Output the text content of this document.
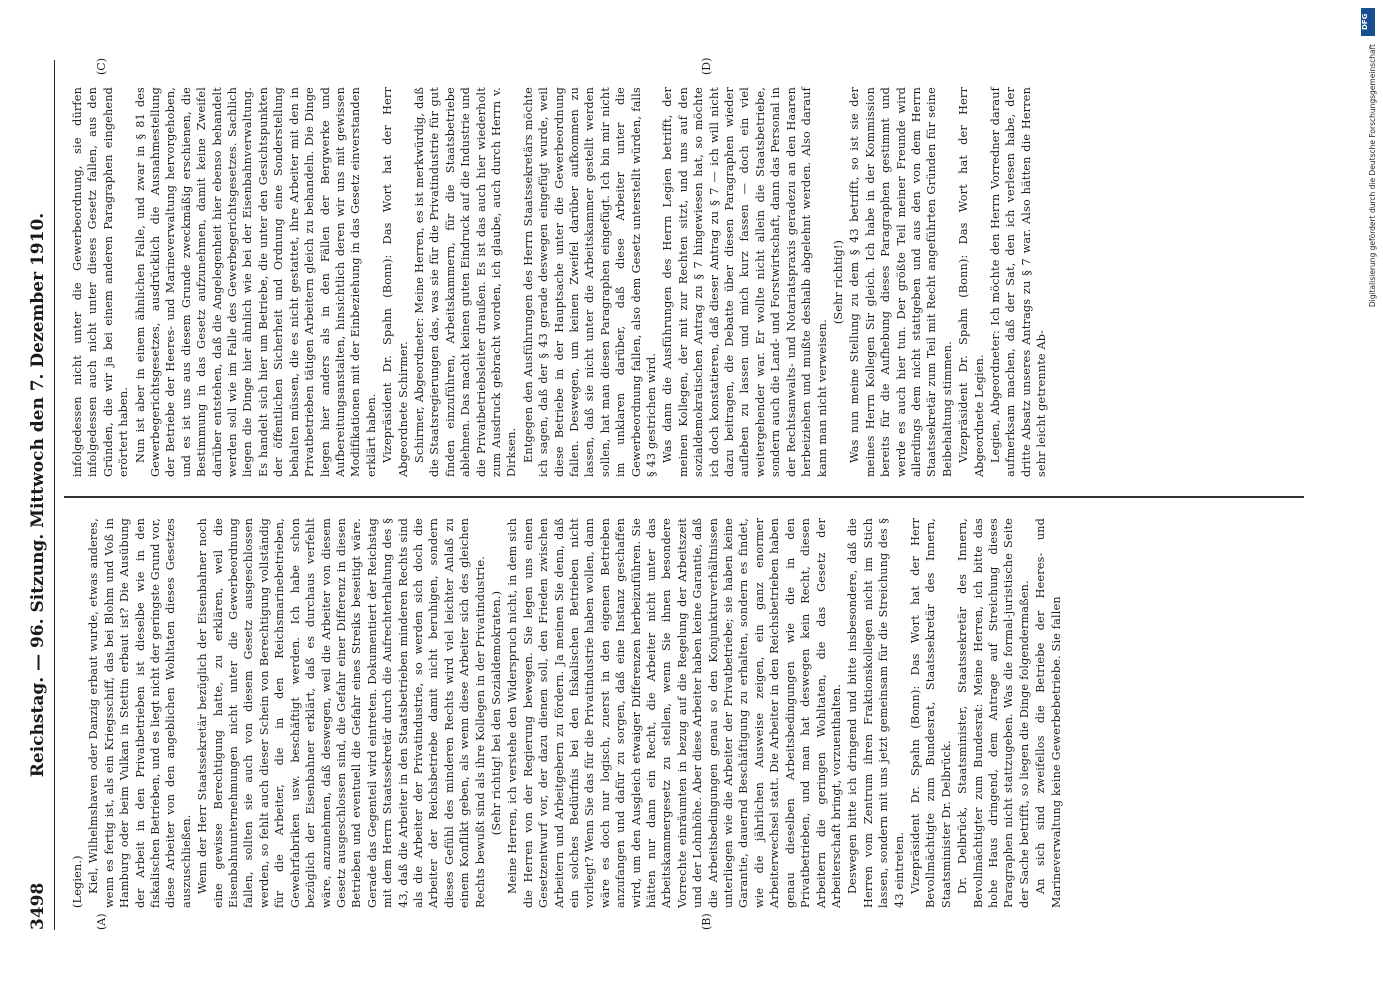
3498
Reichstag. — 96. Sitzung. Mittwoch den 7. Dezember 1910.
(A)	(B)
(C)	(D)

(Legien.) Kiel, Wilhelmshaven oder Danzig erbaut wurde, etwas anderes, wenn es fertig ist, als ein Kriegsschiff, das bei Blohm und Voß in Hamburg oder beim Vulkan in Stettin erbaut ist? Die Ausübung der Arbeit in den Privatbetrieben ist dieselbe wie in den fiskalischen Betrieben, und es liegt nicht der geringste Grund vor, diese Arbeiter von den angeblichen Wohltaten dieses Gesetzes auszuschließen. Wenn der Herr Staatssekretär bezüglich der Eisenbahner noch eine gewisse Berechtigung hatte, zu erklären, weil die Eisenbahnunternehmungen nicht unter die Gewerbeordnung fallen, sollten sie auch von diesem Gesetz ausgeschlossen werden, so fehlt auch dieser Schein von Berechtigung vollständig für die Arbeiter, die in den Reichsmarinebetrieben, Gewehrfabriken usw. beschäftigt werden. Ich habe schon bezüglich der Eisenbahner erklärt, daß es durchaus verfehlt wäre, anzunehmen, daß deswegen, weil die Arbeiter von diesem Gesetz ausgeschlossen sind, die Gefahr einer Differenz in diesen Betrieben und eventuell die Gefahr eines Streiks beseitigt wäre. Gerade das Gegenteil wird eintreten. Dokumentiert der Reichstag mit dem Herrn Staatssekretär durch die Aufrechterhaltung des § 43, daß die Arbeiter in den Staatsbetrieben minderen Rechts sind als die Arbeiter der Privatindustrie, so werden sich doch die Arbeiter der Reichsbetriebe damit nicht beruhigen, sondern dieses Gefühl des minderen Rechts wird viel leichter Anlaß zu einem Konflikt geben, als wenn diese Arbeiter sich des gleichen Rechts bewußt sind als ihre Kollegen in der Privatindustrie. (Sehr richtig! bei den Sozialdemokraten.) Meine Herren, ich verstehe den Widerspruch nicht, in dem sich die Herren von der Regierung bewegen. Sie legen uns einen Gesetzentwurf vor, der dazu dienen soll, den Frieden zwischen Arbeitern und Arbeitgebern zu fördern. Ja meinen Sie denn, daß ein solches Bedürfnis bei den fiskalischen Betrieben nicht vorliegt? Wenn Sie das für die Privatindustrie haben wollen, dann wäre es doch nur logisch, zuerst in den eigenen Betrieben anzufangen und dafür zu sorgen, daß eine Instanz geschaffen wird, um den Ausgleich etwaiger Differenzen herbeizuführen. Sie hätten nur dann ein Recht, die Arbeiter nicht unter das Arbeitskammergesetz zu stellen, wenn Sie ihnen besondere Vorrechte einräumten in bezug auf die Regelung der Arbeitszeit und der Lohnhöhe. Aber diese Arbeiter haben keine Garantie, daß die Arbeitsbedingungen genau so den Konjunkturverhältnissen unterliegen wie die Arbeiter der Privatbetriebe; sie haben keine Garantie, dauernd Beschäftigung zu erhalten, sondern es findet, wie die jährlichen Ausweise zeigen, ein ganz enormer Arbeiterwechsel statt. Die Arbeiter in den Reichsbetrieben haben genau dieselben Arbeitsbedingungen wie die in den Privatbetrieben, und man hat deswegen kein Recht, diesen Arbeitern die geringen Wohltaten, die das Gesetz der Arbeiterschaft bringt, vorzuenthalten. Deswegen bitte ich dringend und bitte insbesondere, daß die Herren vom Zentrum ihren Fraktionskollegen nicht im Stich lassen, sondern mit uns jetzt gemeinsam für die Streichung des § 43 eintreten. Vizepräsident Dr. Spahn (Bonn): Das Wort hat der Herr Bevollmächtigte zum Bundesrat, Staatssekretär des Innern, Staatsminister Dr. Delbrück. Dr. Delbrück, Staatsminister, Staatssekretär des Innern, Bevollmächtigter zum Bundesrat: Meine Herren, ich bitte das hohe Haus dringend, dem Antrage auf Streichung dieses Paragraphen nicht stattzugeben. Was die formal-juristische Seite der Sache betrifft, so liegen die Dinge folgendermaßen. An sich sind zweifellos die Betriebe der Heeres- und Marineverwaltung keine Gewerbebetriebe. Sie fallen

infolgedessen nicht unter die Gewerbeordnung, sie dürfen infolgedessen auch nicht unter dieses Gesetz fallen, aus den Gründen, die wir ja bei einem anderen Paragraphen eingehend erörtert haben. Nun ist aber in einem ähnlichen Falle, und zwar in § 81 des Gewerbegerichtsgesetzes, ausdrücklich die Ausnahmestellung der Betriebe der Heeres- und Marineverwaltung hervorgehoben, und es ist uns aus diesem Grunde zweckmäßig erschienen, die Bestimmung in das Gesetz aufzunehmen, damit keine Zweifel darüber entstehen, daß die Angelegenheit hier ebenso behandelt werden soll wie im Falle des Gewerbegerichtsgesetzes. Sachlich liegen die Dinge hier ähnlich wie bei der Eisenbahnverwaltung. Es handelt sich hier um Betriebe, die unter den Gesichtspunkten der öffentlichen Sicherheit und Ordnung eine Sonderstellung behalten müssen, die es nicht gestattet, ihre Arbeiter mit den in Privatbetrieben tätigen Arbeitern gleich zu behandeln. Die Dinge liegen hier anders als in den Fällen der Bergwerke und Aufbereitungsanstalten, hinsichtlich deren wir uns mit gewissen Modifikationen mit der Einbeziehung in das Gesetz einverstanden erklärt haben. Vizepräsident Dr. Spahn (Bonn): Das Wort hat der Herr Abgeordnete Schirmer. Schirmer, Abgeordneter: Meine Herren, es ist merkwürdig, daß die Staatsregierungen das, was sie für die Privatindustrie für gut finden einzuführen, Arbeitskammern, für die Staatsbetriebe ablehnen. Das macht keinen guten Eindruck auf die Industrie und die Privatbetriebsleiter draußen. Es ist das auch hier wiederholt zum Ausdruck gebracht worden, ich glaube, auch durch Herrn v. Dirksen. Entgegen den Ausführungen des Herrn Staatssekretärs möchte ich sagen, daß der § 43 gerade deswegen eingefügt wurde, weil diese Betriebe in der Hauptsache unter die Gewerbeordnung fallen. Deswegen, um keinen Zweifel darüber aufkommen zu lassen, daß sie nicht unter die Arbeitskammer gestellt werden sollen, hat man diesen Paragraphen eingefügt. Ich bin mir nicht im unklaren darüber, daß diese Arbeiter unter die Gewerbeordnung fallen, also dem Gesetz unterstellt würden, falls § 43 gestrichen wird. Was dann die Ausführungen des Herrn Legien betrifft, der meinen Kollegen, der mit zur Rechten sitzt, und uns auf den sozialdemokratischen Antrag zu § 7 hingewiesen hat, so möchte ich doch konstatieren, daß dieser Antrag zu § 7 — ich will nicht dazu beitragen, die Debatte über diesen Paragraphen wieder aufleben zu lassen und mich kurz fassen — doch ein viel weitergehender war. Er wollte nicht allein die Staatsbetriebe, sondern auch die Land- und Forstwirtschaft, dann das Personal in der Rechtsanwalts- und Notariatspraxis geradezu an den Haaren herbeiziehen und mußte deshalb abgelehnt werden. Also darauf kann man nicht verweisen.

(Sehr richtig!) Was nun meine Stellung zu dem § 43 betrifft, so ist sie der meines Herrn Kollegen Sir gleich. Ich habe in der Kommission bereits für die Aufhebung dieses Paragraphen gestimmt und werde es auch hier tun. Der größte Teil meiner Freunde wird allerdings dem nicht stattgeben und aus den von dem Herrn Staatssekretär zum Teil mit Recht angeführten Gründen für seine Beibehaltung stimmen. Vizepräsident Dr. Spahn (Bonn): Das Wort hat der Herr Abgeordnete Legien. Legien, Abgeordneter: Ich möchte den Herrn Vorredner darauf aufmerksam machen, daß der Sat, den ich verlesen habe, der dritte Absatz unseres Antrags zu § 7 war. Also hätten die Herren sehr leicht getrennte Ab-

DFG
Digitalisierung gefördert durch die Deutsche Forschungsgemeinschaft
